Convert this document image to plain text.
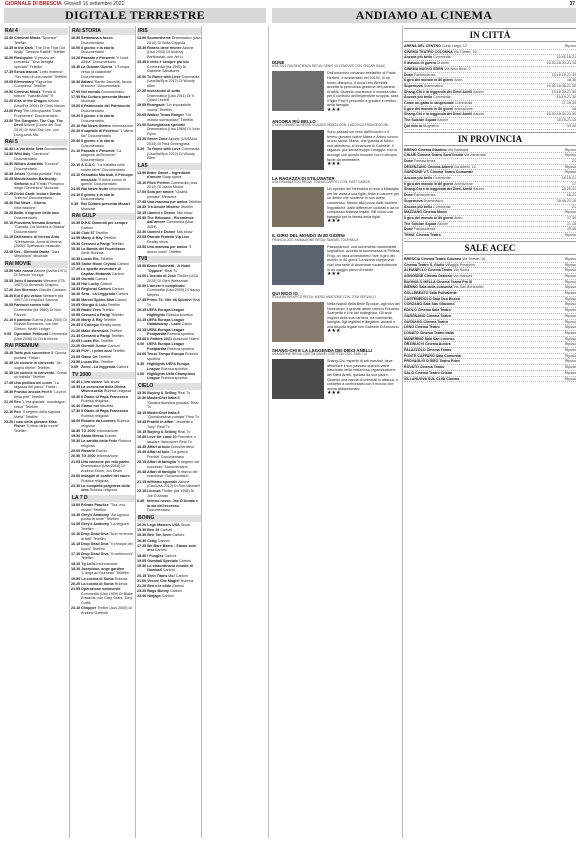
GIORNALE DI BRESCIA Giovedì 16 settembre 2021	37
DIGITALE TERRESTRE	ANDIAMO AL CINEMA
RAI 4
13.40 Criminal Minds "Sponsor" Telefilm
14.35 In the Dark "The One That Got Away" "Jessica Rabbit" Telefilm
16.00 Flashpoint "Il prezzo del comando" "Una famiglia speciale" Telefilm
17.35 Senza traccia "Letto estremo" "Sei mesi di una madre" Telefilm
19.05 Elementary "Signorina Cuorpiena" Telefilm
19.50 Criminal Minds "Festa di rottura" "Nascita Alta" Tf
21.20 Kiss of the Dragon Azione (Usa/Fra 2001) Di Chris Nahon
23.00 Prey The Unexplained "Dark Prophecies" Documentario
23.50 The Gangster, The Cop, The Devil Azione (Corea del Sud 2019) Di Won-Tae Lee, con Dong-seok Ma
RAI 5
16.30 La Via della Seta Documentario
14.00 Wild Italy "Carnivora" Documentario
14.50 Wilden Antarktis "Konzert" Documentario
16.45 Jetset "Quinta puntata" Film
16.45 Mendelssohn-Bartholdy: Stefonia n.4 "Emilio Pomarico dirige l'Orchestra" Musicale
17.25 Divini Canti: lecture Dantis "Inferno" Documentario
18.40 Rai News - Giorno Informazione
19.20 Balla, il signore della luce Documentario
20.15 Prossima fermata America "Canada, Da Victoria a Ottawa" Documentario
21.15 Dall'amore di Verena Aida "Westwende, Anna di Verena (2005)" Spettacolo musicale
23.45 Ors - Sinfonia Dante "Jazz Melodious" Musicale
RAI MOVIE
13.50 Vale nossa Azione (Ita/Ita 1971) Di Torvolo Youngs
15.35 John il bastardo Western (ITA 1967) Di Armando Crispino
17.20 Jon Sherman Claudio Camaso
18.30 Kid Il più veloce Western (Ita 1967) Di Leopoldo Savona
19.05 Fantozzi contro tutti Commedia (Ita 1980) Di Neri Parenti
21.10 Il patriota Guerra (Usa 2000) Di Roland Emmerich, con Mel Gibson, Heath Ledger
0.05 Operation Petticoat Commedia (Usa 2006) Di Chris Morris
RAI PREMIUM
15.45 Tutto può succedere 3 "Quinta puntata" Fiction
16.35 Un ciclone in convento "Un sogno ribelle" Telefilm
16.35 Un ciclone in convento "Ormai un fratello" Telefilm
17.49 Una politica nel cuore "La ragazza del parco" Fiction
19.30 Provaci ancora Prof 5 "La prof della prof" Telefilm
21.20 Rex "L'era glaciale: mondragon rosso" Telefilm
22.10 Rex "Il segreto della signora Maria" Telefilm
23.20 I casi della giovane Miss Fisher "Il ritmo della morte" Telefilm
RAI STORIA
16.30 Settimana a fuoco Documentario
16.00 Il giorno e la storia Documentario
14.20 Passato e Presente "Il Nord-Africa" Documentario
15.40 La Grande Guerra "L'Europa verso la catastrofe" Documentario
16.30 Italiani "Benito Jacovitti, faccia di buono" Documentario
17.00 Nel mondo Documentario
17.50 Rai Cultura presenta Mozart Musicale
19.00 Il Patrimonio del Patrimonio Documentario
19.20 Il giorno e la storia Documentario
20.10 Rai News Giorno Informazione
20.20 Il capitale di Federico "L'ultimo filo" Documentario
20.40 Il giorno e la storia Documentario
21.10 Passato e Presente "La stagione dell'Inverno" Documentario
22.10 A.C.A.C. "La malattia nelle nostre terre" Documentario
23.10 Gesualdo Morandi, il Principe musicale "Il dolce suono di guerra" Documentario
24.00 Rai News Notte Informazione
24.10 Il giorno e la storia Documentario
0.35 Rai Cultura presenta Mozart Musicale
RAI GULP
10.35 D.P.S. Dimmidi per sempre Cartoni
14.30 Club 57 Telefilm
14.55 Marty & Ray Telefilm
15.20 Cercami a Parigi Telefilm
15.30 La Banda dei Fuoriclasse Serie Rubrica
16.35 Lucas Etc. Telefilm
16.55 Sailor Moon Crystal Cartoni
17.20 Le spiette avventure di Capitan Mutanda Cartoni
18.05 Gormiti Cartoni
18.15 Hot Lucky Cartoni
18.35 Regional Cartoni Cartoni
18.40 Sera - La Leggenda Cartoni
18.50 Marvel Spider-Man Cartoni
19.05 Giorgia & Lulù Telefilm
19.35 Radio Teen Telefilm
19.55 Cercami a Parigi Telefilm
20.20 Marty & Ray Telefilm
20.45 Il Collegio Reality show
21.20 Make Mermaids Telefilm
21.45 Cercami a Parigi Telefilm
22.05 Lucas Etc. Telefilm
22.20 Gormiti Junior Cartoni
22.45 POY - I primi anni Telefilm
23.05 Game On Telefilm
23.50 Lucas Etc. Telefilm
0.05 Zorro - La leggenda Cartoni
TV 2000
16.40 L'ora solare Talk show
16.35 La coroncina della Divina Misericordia Rubrica religiosa
15.30 Il Diario di Papa Francesco Rubrica religiosa
16.40 Siamo noi Attualità
17.30 Il Diario di Papa Francesco Rubrica religiosa
18.00 Rosario da Lourdes Rubrica religiosa
18.30 TG 2000 Informazione
19.00 Santa Messa Evento
19.30 La santità della Fede Rubrica religiosa
20.00 Rosario Evento
20.50 TG 2000 Informazione
21.05 Una canzone per mio padre Drammatico (Usa 2018) Di Andrew Erwin, Jon Erwin
23.00 Indagini di confini del sacro Rubrica religiosa
23.30 La completa preghiera della sera Rubrica religiosa
LA 7 D
13.00 Private Practice "Tua, mio, nostro" Telefilm
13.45 Grey's Anatomy "Ad ognuno possa la sorte" Telefilm
14.35 Grey's Anatomy "La seguirà" Telefilm
16.10 Drop Dead Diva "Non mi fermo ai fatti" Telefilm
16.15 Drop Dead Diva "Il principe del fuoco" Telefilm
17.10 Drop Dead Diva "Il matrimonio" Telefilm
18.10 Tg La7d Informazione
18.20 Josephine, ange gardien "L'ange au fourneau" Telefilm
19.50 La cucina di Sonia Rubrica
20.20 La cucina di Sonia Rubrica
21.05 Operazione sottoveste Commedia (Usa 1959) Di Blake Edwards, con Cary Grant, Tony Curtis
23.10 Chopper Thriller (Aus 2000) Di Andrew Dominik
IRIS
13.00 Scomesheme Drammatico (Usa 2010) Di Sofia Coppola
15.30 Romeo deve morire Azione (Usa 2000) Di Andrzej Bartkowiak, con Jet Li
15.35 Il cielo è sempre più blu Commedia (Ita 1995) Di Gabriele Salvatores
16.00 To Rome with Love Commedia (Usa/Ita/Spa 2012) Di Woody Allen
17.25 Invenzione di sotto Drammatico (Usa 2011) Di 'Il Quasi Leckrill'
19.05 Renegade "Un impossibile nuova" Telefilm
20.05 Walker Texas Ranger "Un mondo surriscolaro" Telefilm
21.00 Sorveglianza speciale Drammatico (Usa 1989) Di John Flynn
23.20 Green Zone Azione (USA/Usa 2010) Di Paul Greengrass
0.20 To Rome with Love Commedia (Usa/Ita/Spa 2012) Di Woody Allen
LA5
13.50 Bitter Sweet - Ingredienti d'amore Soap opera
15.10 Pitch Perfect Commedia (Usa 2012) Di Jason Moore
17.00 Solo per amore "Quarta puntata" Miniserie
17.45 Una mamma per amica Telefilm
18.35 Tra Amore Mistero Telefilm
19.15 Uomini e Donne Talk show
20.30 The Rebound - Ricomincia dall'amore Commedia (Usa 2009)
22.30 Uomini e Donne Talk show
23.05 Grande Fratello Vip Live Reality show
23.50 Una mamma per amica "Il nuovo inizio" Telefilm
TV8
15.00 Brave Rubinetti - A Hotel "Oppure" Real Tv
14.00 L'incubo di José Thriller (USA 2020) Di Glen Weissman
16.00 L'amore è complicato Commedia (Usa 2009) Di Nancy Meyers
17.45 Primo Te: Vite da Sportivi Real Tv
19.15 UEFA Europa League Highlights Rubrica sportiva
21.15 UEFA Europa League Galatasaray - Lazio Calcio
23.15 UEFA Europa League Postpartita Rubrica sportiva
23.45 Il Fattore 2021 Audizioni Talent
0.00 UEFA Europa League Postpartita Rubrica sportiva
24.00 Tenzo Tempo Europa Rubrica sportiva
0.30 Highlights UEFA Europa League Rubrica sportiva
1.00 Highlights Uefa Champions League Rubrica sportiva
CIELO
15.30 Buying & Selling Real Tv
16.30 MasterChef Italia 5 "Quattordicesima puntata" Real Tv
18.15 MasterChef Italia 5 "Quindicesima puntata" Real Tv
19.45 Fratelli in affari "Jeanette e Tony" Real Tv
19.15 Buying & Selling Real Tv
19.45 Love for Land 10 Prendere o lasciare Vancouver Real Tv
18.45 Affari al buio Documentario
19.45 Affari al buio "La guerra Fredda" Documentario
20.15 Affari di famiglia "Il segreto del successo" Documentario
20.45 Affari di famiglia "Il ritorno del marchese" Documentario
21.15 Infiltrato speciale Azione (Can/Usa 2012) Di Ron Maxwell
23.15 Licenza Thriller (Ita 1998) Di Joe D'Amato
0.30 Inferno rosso. Joe D'Amato e la via dell'eccesso Documentario
BOING
16.20 Lego Masters USA Show
15.30 Ben 10 Cartoni
15.30 Ben Ten Seen Cartoni
16.30 Craig Cartoni
17.25 We Bare Bears - Siamo solo orsi Cartoni
18.30 I Fungies Cartoni
19.05 Gumball Specials Cartoni
19.30 Lo straordinario mondo di Gumball Cartoni
20.15 Teen Titans Go! Cartoni
21.00 Vecchi Che Magie! Rubrica
21.20 Ben e le sfide Cartoni
23.20 Bugs Bunny Cartoni
23.40 Ninjago Cartoni
DUNE
USA 2021 FANTASCIENZA REGIA: DENIS VILLENEUVE CON: OSCAR ISAAC
Dall'omonimo romanzo bestseller di Frank Herbert, è ambientato nel 10191, in un futuro distopico. Il duca Leto Atreides accetta la pericolosa gestione del pianeta Arrakis. Quando una feroce e cruenta lotta per il controllo dell'imperatore scoppia, sarà il figlio Paul il prescelto a guidare il destino della famiglia.
★★★
ANCORA PIÙ BELLO
ITALIA COMMEDIA REGIA: CLAUDIO NORZA CON: LUDOVICA FRANCESCONI
Sono passati sei mesi dall'incontro e il tenero giovane dottor Marta e Arturo vivono la loro storia. Marta, che guarda al futuro con ottimismo, si innamora di Gabriele. Il ragazzo, pur senza troppo coraggio, non si accorge che questo incontro non è sempre facile da ammettere.
★★★
LA RAGAZZA DI STILLWATER
USA DRAMMATICO REGIA: TOM MCCARTHY CON: MATT DAMON
Un operaio del Nebraska si reca a Marsiglia per far visita a sua figlia, finita in carcere per un delitto che sostiene di non avere commesso. Messo alla prova dalle barriere linguistiche, dalle differenze culturali e da un complesso sistema legale, Bill inizia una battaglia per la libertà della figlia.
★★★
IL GIRO DEL MONDO IN 80 GIORNI
FRANCIA 2021 ANIMAZIONE REGIA: SAMUEL TOURNEUX
Passepartout, una scimmietta marmosetta sognatrice, accetta la scommessa di Phileas Frog, un rana avventuriero: fare il giro del mondo in 80 giorni. La strana coppia vive così una serie di avventure rocambolesche in un viaggio pieno di insidie.
★★★
QUI RIDO IO
ITALIA BIOGRAFICO REGIA: MARIO MARTONE CON: TONI SERVILLO
Nella Napoli della Belle Époque, agli inizi del Novecento, il grande attore comico Eduardo Scarpetta è il re del botteghino. Gli anni migliori della sua carriera, tra commedie, famiglia, figli legittimi e illegittimi, amanti e una disputa legale con Gabriele D'Annunzio.
★★★
SHANG-CHI E LA LEGGENDA DEI DIECI ANELLI
USA AZIONE REGIA: DESTIN DANIEL CRETTON CON: SIMU LIU
Shang-Chi, esperto di arti marziali, deve affrontare il suo passato quando viene trascinato nella misteriosa organizzazione dei Dieci Anelli, guidata da suo padre. Quando una banda di criminali lo attacca, è costretto a confrontarsi con il mondo che aveva abbandonato.
★★★
IN CITTÀ
ARENA DEL CENTRO Corte Largo, 12	Riposo
CINEMA TEATRO COLONNA Via Trieste, 16
Ancora più bello Commedia	15.45-18-21
Il diavolo in guerra Dramm.	15.30-18.30-21.15
CINEMA NUOVO EDEN Via Nino Bixio, 9
Dune Fantascienza	15-18.15-21.30
Il giro del mondo in 80 giorni Anim.	16.30
Supernova Drammatico	15.30-18.45-21.30
Shang-Chi e la leggenda dei Dieci Anelli Azione	15-18.30-21.30
Ancora più bello Commedia	16-19-21.30
Come un gatto in tangenziale Commedia	17-19.30
Il giro del mondo in 80 giorni Animazione	16
Shang-Chi e la leggenda dei Dieci Anelli Azione	15.30-18.30-21.30
The Suicide Squad Azione	18.15-21.15
Qui rido io Biografico	19.30
IN PROVINCIA
BRENO Cinema Giardino Via Garibaldi	Riposo
CHIARI Cinema Teatro Sant'Orsola Via Zanardelli	Riposo
Dune Fantascienza	21
DESENZANO Cinema Alberti Via Alberti, 12	Riposo
GARDONE V.T. Cinema Teatro Comunale	Riposo
Ancora più bello Commedia	18.15-21
Il giro del mondo in 80 giorni Animazione	17
Shang-Chi e la leggenda dei Dieci Anelli Azione	18.20-21
Dune Fantascienza	18-21
Supernova Drammatico	18.45-21.15
Ancora più bello Commedia	21
MAZZANO Cinema Movie	Riposo
Il giro del mondo in 80 giorni Anim.	17.30
The Suicide Squad Azione	21.15
Dune Fantascienza	20.45
TEMU' Cinema Teatro	Riposo
SALE ACEC
BRESCIA Cinema Teatro Colonna Via Trieste, 16	Riposo
Cinema Teatro S. Giulio Villaggio Prealpino	Riposo
ALFIANELLO Cinema Teatro Via Roma	Riposo
AGNOSINE Cinema Oratorio Via Marconi	Riposo
BAGNOLO MELLA Cinema Teatro Pio XI	Riposo
BIENNO Sala della comunità Via San Benedetto	Riposo
COLLEBEATO Sala Polivalente	Riposo
CASTENEDOLO Sala Don Bosco	Riposo
CORZANO Sala San Giacomo	Riposo
EDOLO Cinema Sala Teatro	Riposo
GARGNANO Cinema Teatro	Riposo
GUSSAGO Cinema Teatro	Riposo
LENO Cinema Teatro	Riposo
LONATO Cinema Teatro Italia	Riposo
MANERBIO Sala San Lorenzo	Riposo
ORZINUOVI Cinema Aurora	Riposo
PALAZZOLO Cinema Teatro	Riposo
PONTE CAFFARO Sala Comunità	Riposo
PROVAGLIO D'ISEO Teatro Eden	Riposo
ROVATO Cinema Teatro	Riposo
SALÒ Cinema Teatro Cristal	Riposo
VILLANUOVA SUL CLISI Cinema	Riposo
